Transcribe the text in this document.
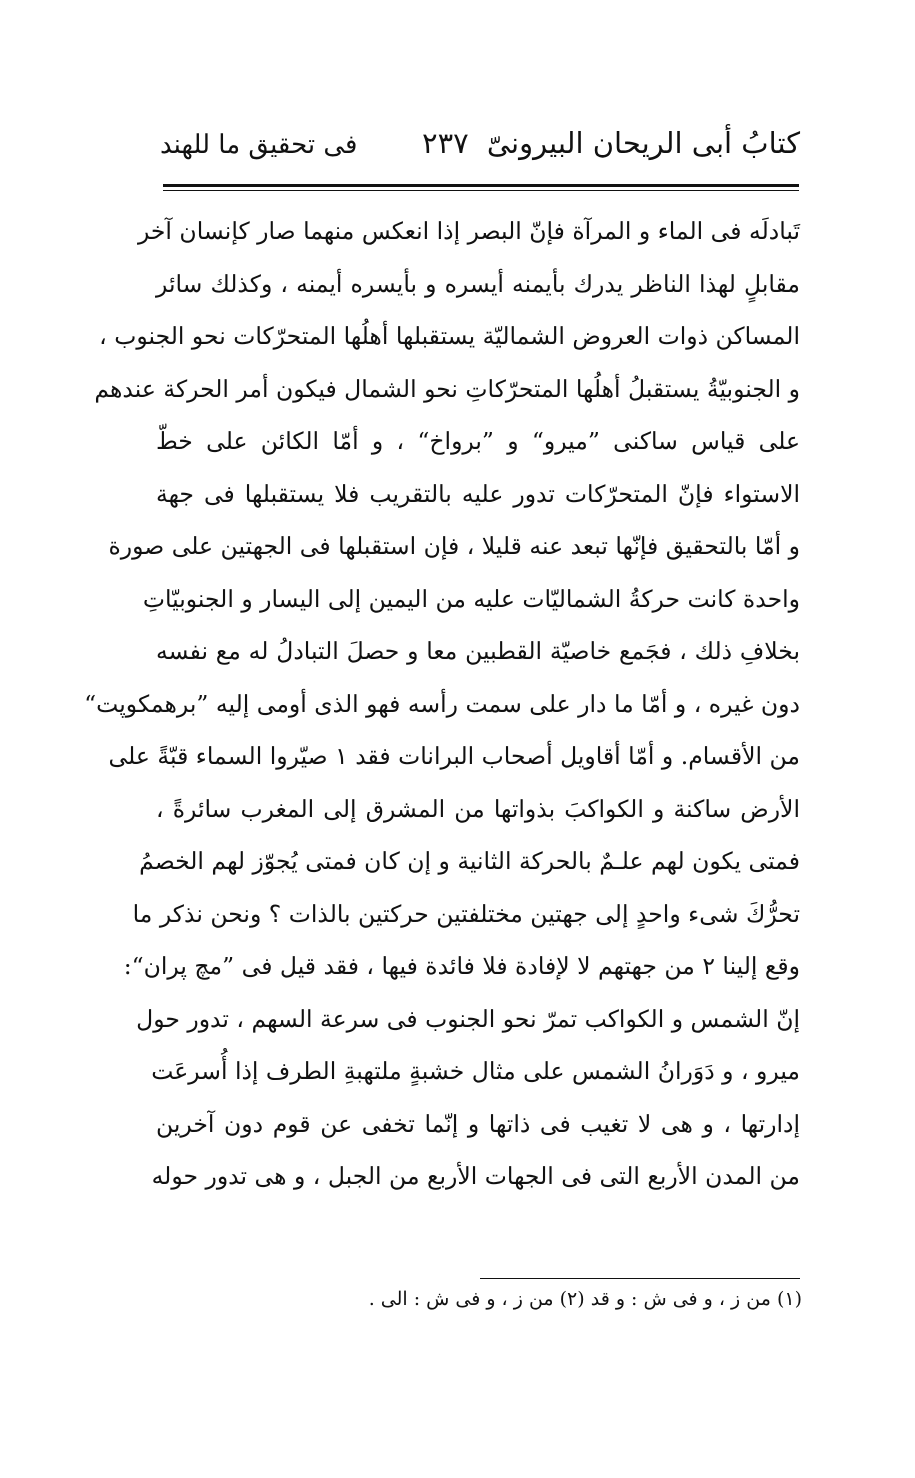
كتابُ أبى الريحان البيرونىّ
٢٣٧
فى تحقيق ما للهند
تَبادلَه فى الماء و المرآة فإنّ البصر إذا انعكس منهما صار كإنسان آخر
مقابلٍ لهذا الناظر يدرك بأيمنه أيسره و بأيسره أيمنه ، وكذلك سائر
المساكن ذوات العروض الشماليّة يستقبلها أهلُها المتحرّكات نحو الجنوب ،
و الجنوبيّةُ يستقبلُ أهلُها المتحرّكاتِ نحو الشمال فيكون أمر الحركة عندهم
على قياس ساكنى ”ميرو“ و ”برواخ“ ، و أمّا الكائن على خطّ
الاستواء فإنّ المتحرّكات تدور عليه بالتقريب فلا يستقبلها فى جهة
و أمّا بالتحقيق فإنّها تبعد عنه قليلا ، فإن استقبلها فى الجهتين على صورة
واحدة كانت حركةُ الشماليّات عليه من اليمين إلى اليسار و الجنوبيّاتِ
بخلافِ ذلك ، فجَمع خاصيّة القطبين معا و حصلَ التبادلُ له مع نفسه
دون غيره ، و أمّا ما دار على سمت رأسه فهو الذى أومى إليه ”برهمكوپت“
من الأقسام. و أمّا أقاويل أصحاب البرانات فقد ١ صيّروا السماء قبّةً على
الأرض ساكنة و الكواكبَ بذواتها من المشرق إلى المغرب سائرةً ،
فمتى يكون لهم علـمٌ بالحركة الثانية و إن كان فمتى يُجوّز لهم الخصمُ
تحرُّكَ شىء واحدٍ إلى جهتين مختلفتين حركتين بالذات ؟ ونحن نذكر ما
وقع إلينا ٢ من جهتهم لا لإفادة فلا فائدة فيها ، فقد قيل فى ”مچ پران“:
إنّ الشمس و الكواكب تمرّ نحو الجنوب فى سرعة السهم ، تدور حول
ميرو ، و دَوَرانُ الشمس على مثال خشبةٍ ملتهبةِ الطرف إذا أُسرعَت
إدارتها ، و هى لا تغيب فى ذاتها و إنّما تخفى عن قوم دون آخرين
من المدن الأربع التى فى الجهات الأربع من الجبل ، و هى تدور حوله
(١) من ز ، و فى ش : و قد (٢) من ز ، و فى ش : الى .
